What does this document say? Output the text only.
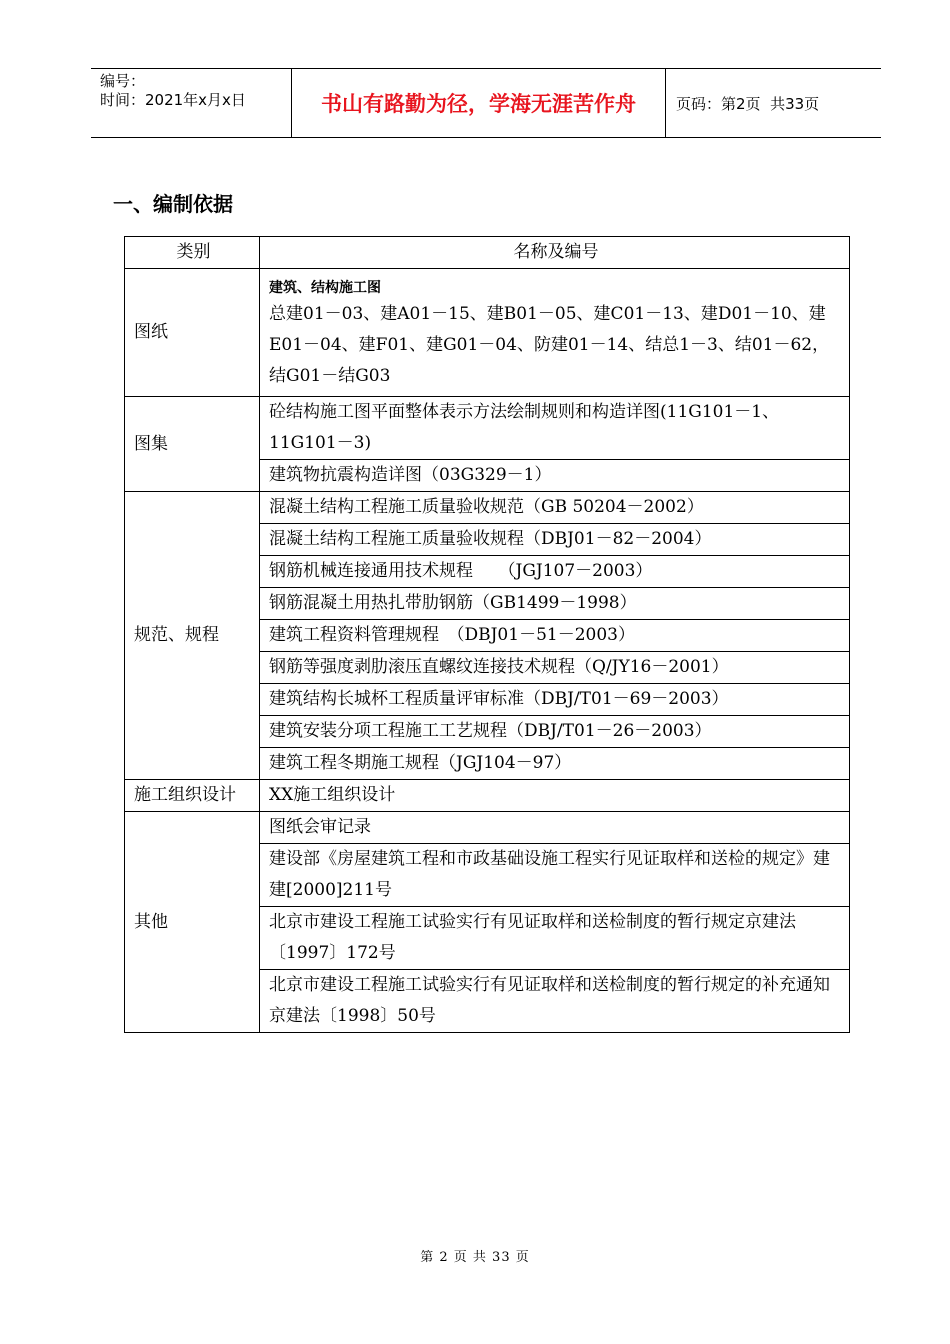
编号：
时间：2021年x月x日	书山有路勤为径，学海无涯苦作舟	页码：第2页  共33页
一、编制依据
类别	名称及编号
图纸	建筑、结构施工图
总建01－03、建A01－15、建B01－05、建C01－13、建D01－10、建E01－04、建F01、建G01－04、防建01－14、结总1－3、结01－62，结G01－结G03

图集	砼结构施工图平面整体表示方法绘制规则和构造详图(11G101－1、11G101－3)
	建筑物抗震构造详图（03G329－1）
规范、规程	混凝土结构工程施工质量验收规范（GB 50204－2002）
	混凝土结构工程施工质量验收规程（DBJ01－82－2004）
	钢筋机械连接通用技术规程　　（JGJ107－2003）
	钢筋混凝土用热扎带肋钢筋（GB1499－1998）
	建筑工程资料管理规程　（DBJ01－51－2003）
	钢筋等强度剥肋滚压直螺纹连接技术规程（Q/JY16－2001）
	建筑结构长城杯工程质量评审标准（DBJ/T01－69－2003）
	建筑安装分项工程施工工艺规程（DBJ/T01－26－2003）
	建筑工程冬期施工规程（JGJ104－97）
施工组织设计	XX施工组织设计
其他	图纸会审记录
	建设部《房屋建筑工程和市政基础设施工程实行见证取样和送检的规定》建建[2000]211号
	北京市建设工程施工试验实行有见证取样和送检制度的暂行规定京建法〔1997〕172号
	北京市建设工程施工试验实行有见证取样和送检制度的暂行规定的补充通知京建法〔1998〕50号
第 2 页 共 33 页
